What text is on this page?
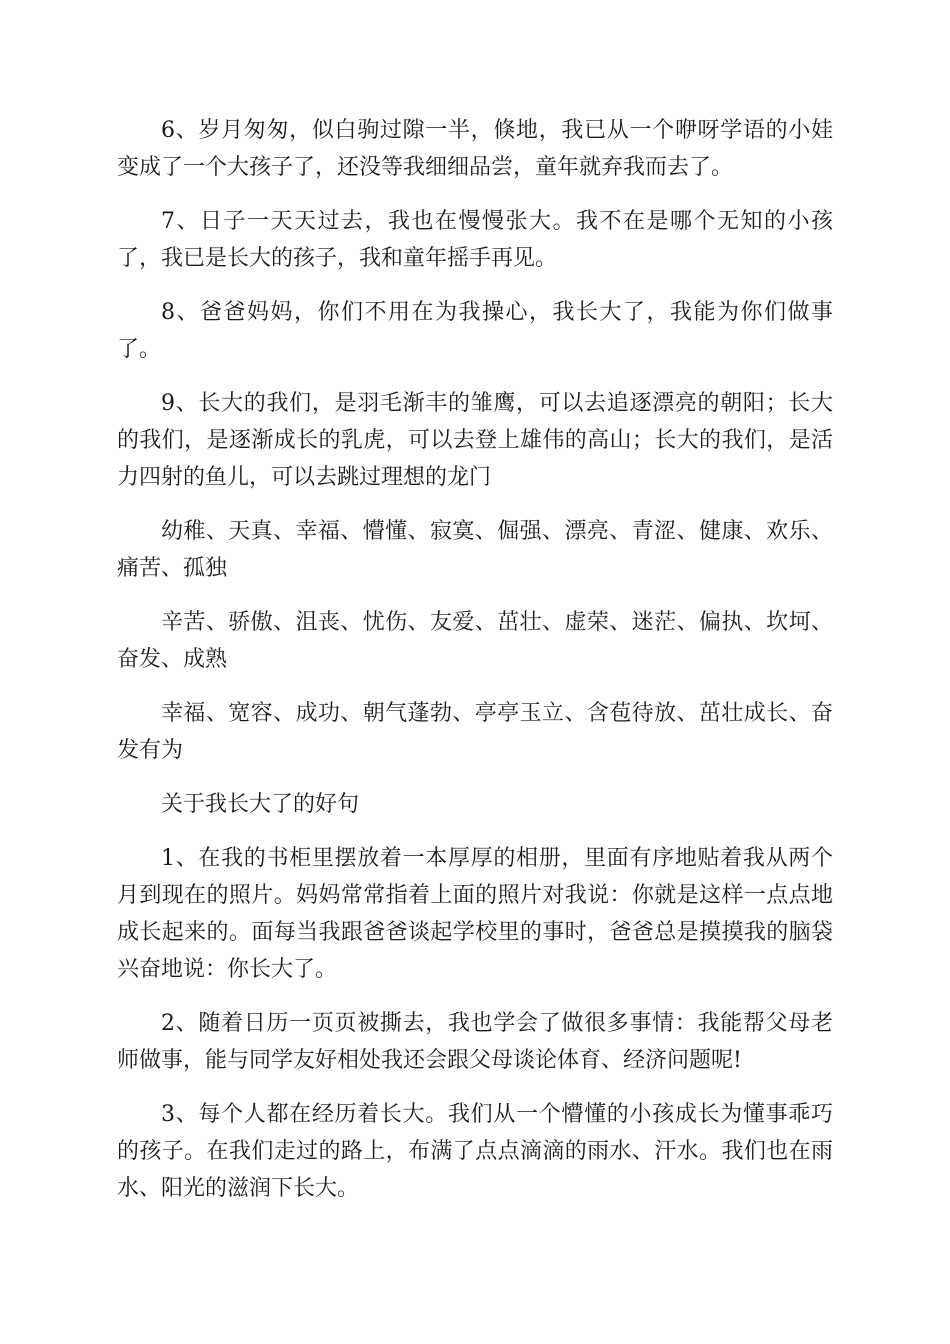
6、岁月匆匆，似白驹过隙一半，倏地，我已从一个咿呀学语的小娃变成了一个大孩子了，还没等我细细品尝，童年就弃我而去了。

7、日子一天天过去，我也在慢慢张大。我不在是哪个无知的小孩了，我已是长大的孩子，我和童年摇手再见。

8、爸爸妈妈，你们不用在为我操心，我长大了，我能为你们做事了。

9、长大的我们，是羽毛渐丰的雏鹰，可以去追逐漂亮的朝阳；长大的我们，是逐渐成长的乳虎，可以去登上雄伟的高山；长大的我们，是活力四射的鱼儿，可以去跳过理想的龙门

幼稚、天真、幸福、懵懂、寂寞、倔强、漂亮、青涩、健康、欢乐、痛苦、孤独

辛苦、骄傲、沮丧、忧伤、友爱、茁壮、虚荣、迷茫、偏执、坎坷、奋发、成熟

幸福、宽容、成功、朝气蓬勃、亭亭玉立、含苞待放、茁壮成长、奋发有为

关于我长大了的好句

1、在我的书柜里摆放着一本厚厚的相册，里面有序地贴着我从两个月到现在的照片。妈妈常常指着上面的照片对我说：你就是这样一点点地成长起来的。面每当我跟爸爸谈起学校里的事时，爸爸总是摸摸我的脑袋兴奋地说：你长大了。

2、随着日历一页页被撕去，我也学会了做很多事情：我能帮父母老师做事，能与同学友好相处我还会跟父母谈论体育、经济问题呢!

3、每个人都在经历着长大。我们从一个懵懂的小孩成长为懂事乖巧的孩子。在我们走过的路上，布满了点点滴滴的雨水、汗水。我们也在雨水、阳光的滋润下长大。
